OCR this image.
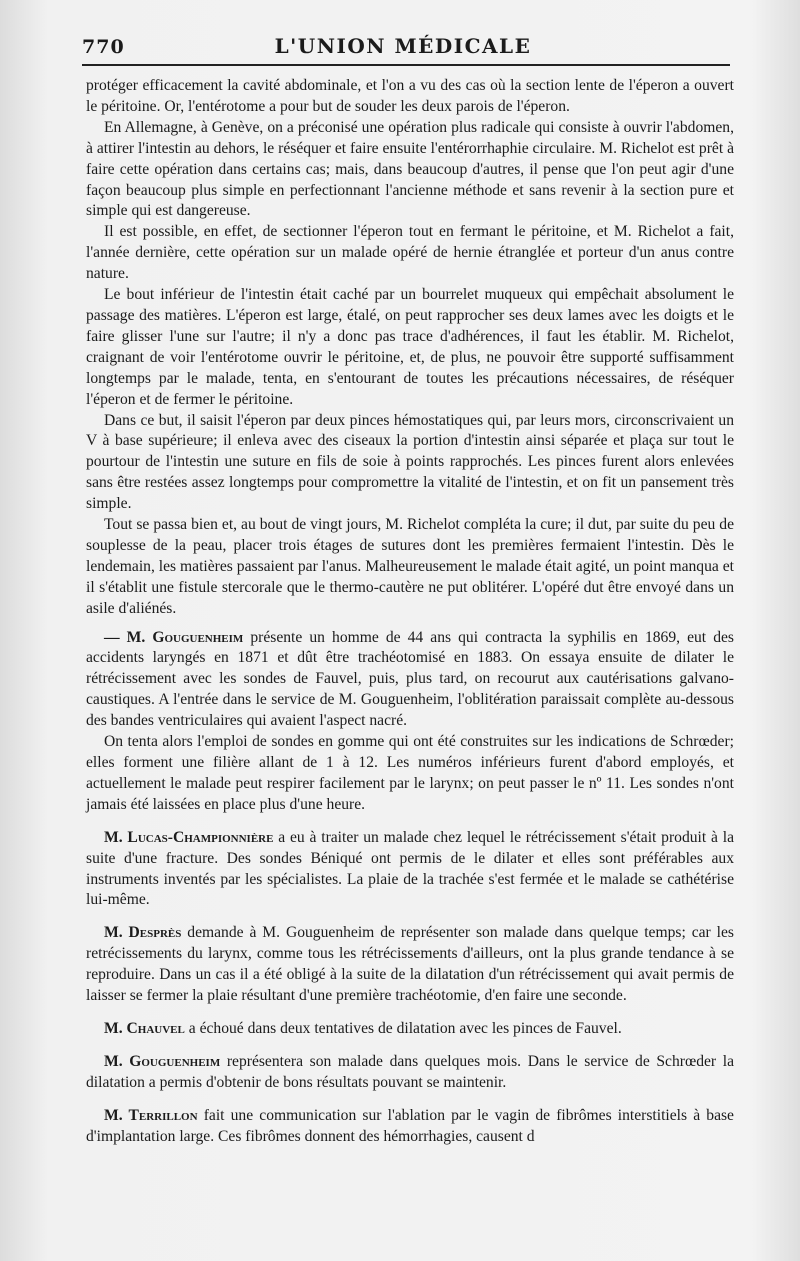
770	L'UNION MÉDICALE

protéger efficacement la cavité abdominale, et l'on a vu des cas où la section lente de l'éperon a ouvert le péritoine. Or, l'entérotome a pour but de souder les deux parois de l'éperon.

En Allemagne, à Genève, on a préconisé une opération plus radicale qui consiste à ouvrir l'abdomen, à attirer l'intestin au dehors, le réséquer et faire ensuite l'entérorrhaphie circulaire. M. Richelot est prêt à faire cette opération dans certains cas; mais, dans beaucoup d'autres, il pense que l'on peut agir d'une façon beaucoup plus simple en perfectionnant l'ancienne méthode et sans revenir à la section pure et simple qui est dangereuse.

Il est possible, en effet, de sectionner l'éperon tout en fermant le péritoine, et M. Richelot a fait, l'année dernière, cette opération sur un malade opéré de hernie étranglée et porteur d'un anus contre nature.

Le bout inférieur de l'intestin était caché par un bourrelet muqueux qui empêchait absolument le passage des matières. L'éperon est large, étalé, on peut rapprocher ses deux lames avec les doigts et le faire glisser l'une sur l'autre; il n'y a donc pas trace d'adhérences, il faut les établir. M. Richelot, craignant de voir l'entérotome ouvrir le péritoine, et, de plus, ne pouvoir être supporté suffisamment longtemps par le malade, tenta, en s'entourant de toutes les précautions nécessaires, de réséquer l'éperon et de fermer le péritoine.

Dans ce but, il saisit l'éperon par deux pinces hémostatiques qui, par leurs mors, circonscrivaient un V à base supérieure; il enleva avec des ciseaux la portion d'intestin ainsi séparée et plaça sur tout le pourtour de l'intestin une suture en fils de soie à points rapprochés. Les pinces furent alors enlevées sans être restées assez longtemps pour compromettre la vitalité de l'intestin, et on fit un pansement très simple.

Tout se passa bien et, au bout de vingt jours, M. Richelot compléta la cure; il dut, par suite du peu de souplesse de la peau, placer trois étages de sutures dont les premières fermaient l'intestin. Dès le lendemain, les matières passaient par l'anus. Malheureusement le malade était agité, un point manqua et il s'établit une fistule stercorale que le thermo-cautère ne put oblitérer. L'opéré dut être envoyé dans un asile d'aliénés.

— M. Gouguenheim présente un homme de 44 ans qui contracta la syphilis en 1869, eut des accidents laryngés en 1871 et dût être trachéotomisé en 1883. On essaya ensuite de dilater le rétrécissement avec les sondes de Fauvel, puis, plus tard, on recourut aux cautérisations galvano-caustiques. A l'entrée dans le service de M. Gouguenheim, l'oblitération paraissait complète au-dessous des bandes ventriculaires qui avaient l'aspect nacré.

On tenta alors l'emploi de sondes en gomme qui ont été construites sur les indications de Schrœder; elles forment une filière allant de 1 à 12. Les numéros inférieurs furent d'abord employés, et actuellement le malade peut respirer facilement par le larynx; on peut passer le nº 11. Les sondes n'ont jamais été laissées en place plus d'une heure.

M. Lucas-Championnière a eu à traiter un malade chez lequel le rétrécissement s'était produit à la suite d'une fracture. Des sondes Béniqué ont permis de le dilater et elles sont préférables aux instruments inventés par les spécialistes. La plaie de la trachée s'est fermée et le malade se cathétérise lui-même.

M. Desprès demande à M. Gouguenheim de représenter son malade dans quelque temps; car les retrécissements du larynx, comme tous les rétrécissements d'ailleurs, ont la plus grande tendance à se reproduire. Dans un cas il a été obligé à la suite de la dilatation d'un rétrécissement qui avait permis de laisser se fermer la plaie résultant d'une première trachéotomie, d'en faire une seconde.

M. Chauvel a échoué dans deux tentatives de dilatation avec les pinces de Fauvel.

M. Gouguenheim représentera son malade dans quelques mois. Dans le service de Schrœder la dilatation a permis d'obtenir de bons résultats pouvant se maintenir.

M. Terrillon fait une communication sur l'ablation par le vagin de fibrômes interstitiels à base d'implantation large. Ces fibrômes donnent des hémorrhagies, causent d
